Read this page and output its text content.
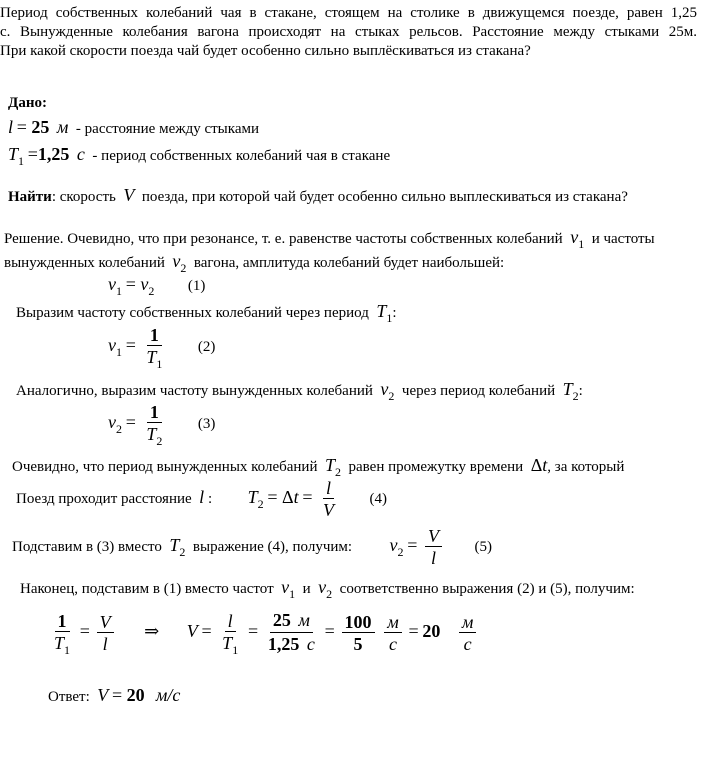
Период собственных колебаний чая в стакане, стоящем на столике в движущемся поезде, равен 1,25
с. Вынужденные колебания вагона происходят на стыках рельсов. Расстояние между стыками 25м.
При какой скорости поезда чай будет особенно сильно выплёскиваться из стакана?
Дано:
l = 25 м - расстояние между стыками
$T_1 =1,25$ с - период собственных колебаний чая в стакане
Найти: скорость V поезда, при которой чай будет особенно сильно выплескиваться из стакана?
Решение. Очевидно, что при резонансе, т. е. равенстве частоты собственных колебаний $\nu_1$ и частоты
вынужденных колебаний $\nu_2$ вагона, амплитуда колебаний будет наибольшей:
$\nu_1 = \nu_2$ (1)
Выразим частоту собственных колебаний через период $T_1$:
$\nu_1 = \frac{1}{T_1} (2)$
Аналогично, выразим частоту вынужденных колебаний $\nu_2$ через период колебаний $T_2$:
$\nu_2 = \frac{1}{T_2} (3)$
Очевидно, что период вынужденных колебаний $T_2$ равен промежутку времени Δt, за который
Поезд проходит расстояние l : $T_2 = \Delta t = \frac{l}{V} (4)$
Подставим в (3) вместо $T_2$ выражение (4), получим: $\nu_2 = \frac{V}{l} (5)$
Наконец, подставим в (1) вместо частот $\nu_1$ и $\nu_2$ соответственно выражения (2) и (5), получим:
$\frac{1}{T_1} = \frac{V}{l}$ ⇒ $V = \frac{l}{T_1} = \frac{25 м}{1,25 с} = \frac{100}{5}$
$\frac{м}{с} = 20 \frac{м}{с}$
Ответ: V = 20 м/с
